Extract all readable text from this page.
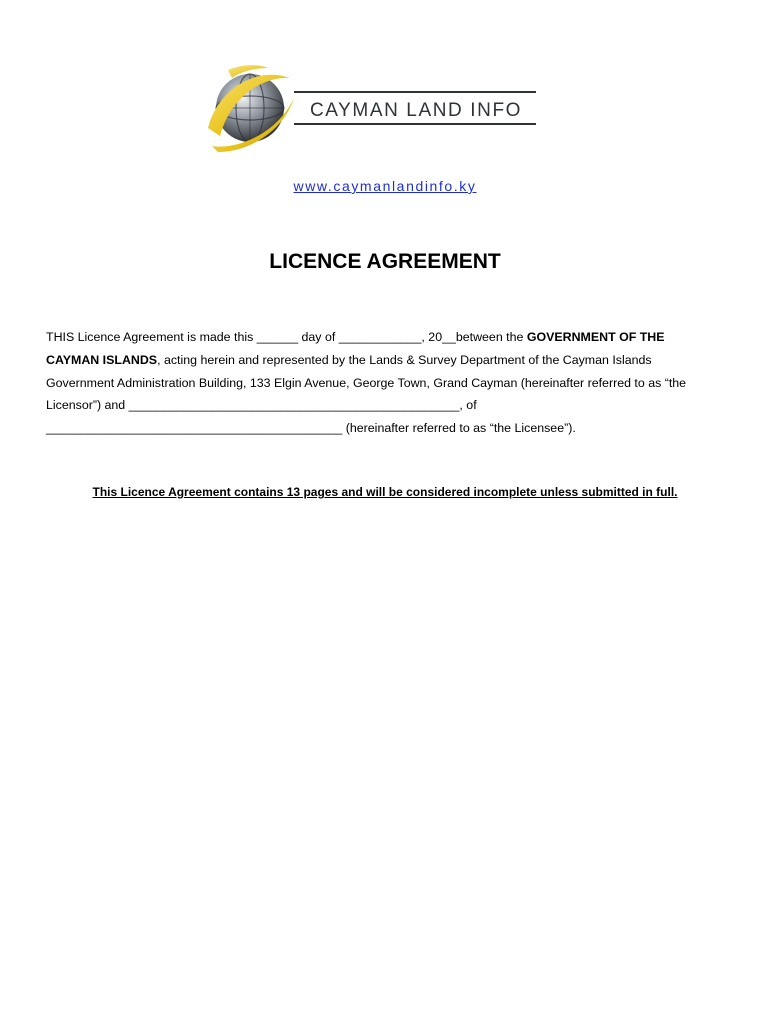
CAYMAN LAND INFO
www.caymanlandinfo.ky
LICENCE AGREEMENT
THIS Licence Agreement is made this ______ day of ____________, 20__between the GOVERNMENT OF THE
CAYMAN ISLANDS, acting herein and represented by the Lands & Survey Department of the Cayman Islands
Government Administration Building, 133 Elgin Avenue, George Town, Grand Cayman (hereinafter referred to as “the
Licensor”) and ________________________________________________, of
___________________________________________ (hereinafter referred to as “the Licensee”).
This Licence Agreement contains 13 pages and will be considered incomplete unless submitted in full.
